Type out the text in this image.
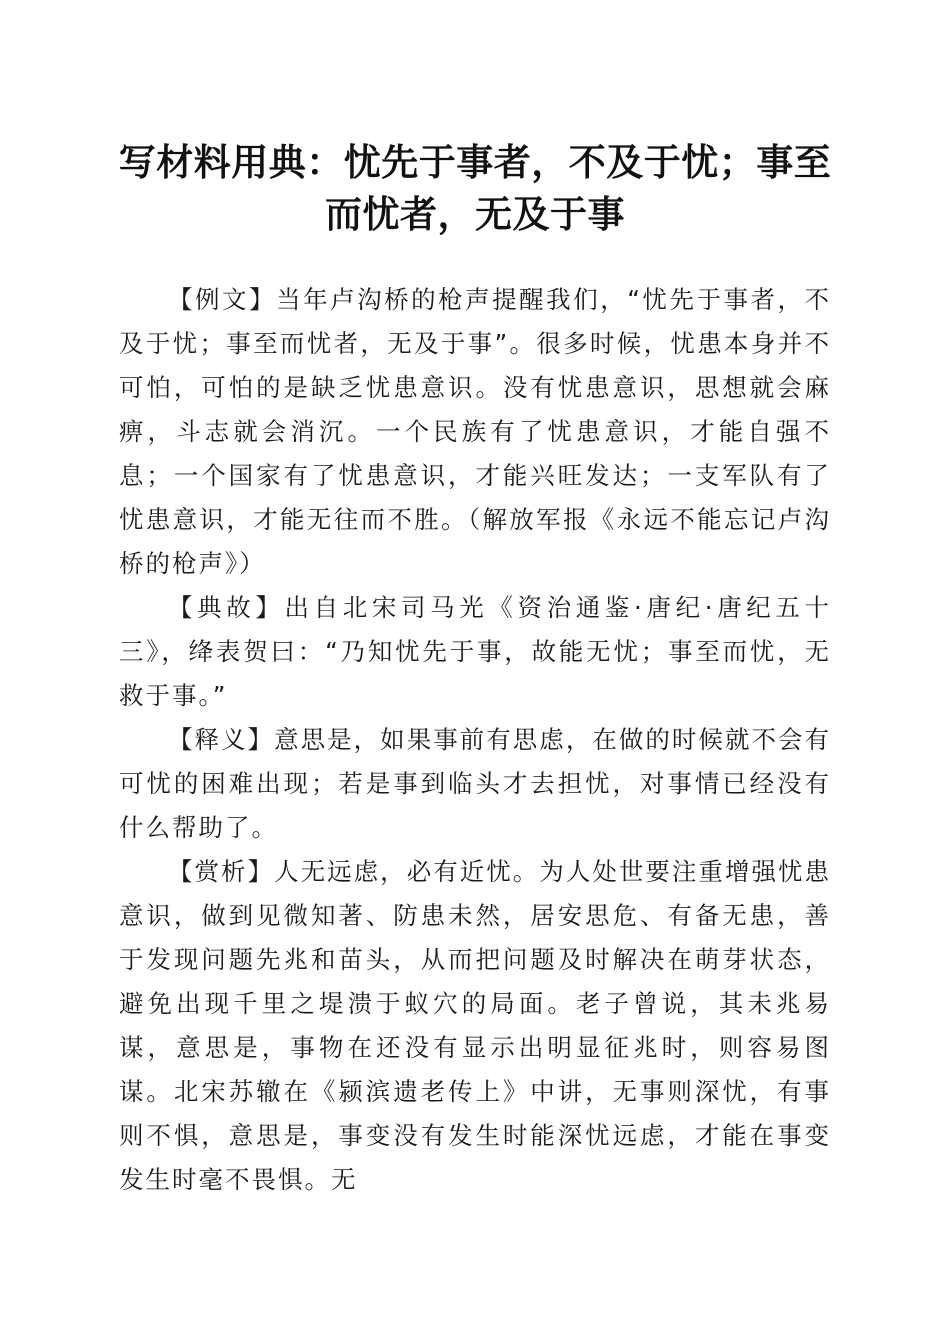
写材料用典：忧先于事者，不及于忧；事至而忧者，无及于事

【例文】当年卢沟桥的枪声提醒我们，“忧先于事者，不及于忧；事至而忧者，无及于事”。很多时候，忧患本身并不可怕，可怕的是缺乏忧患意识。没有忧患意识，思想就会麻痹，斗志就会消沉。一个民族有了忧患意识，才能自强不息；一个国家有了忧患意识，才能兴旺发达；一支军队有了忧患意识，才能无往而不胜。（解放军报《永远不能忘记卢沟桥的枪声》）

【典故】出自北宋司马光《资治通鉴·唐纪·唐纪五十三》，绛表贺曰：“乃知忧先于事，故能无忧；事至而忧，无救于事。”

【释义】意思是，如果事前有思虑，在做的时候就不会有可忧的困难出现；若是事到临头才去担忧，对事情已经没有什么帮助了。

【赏析】人无远虑，必有近忧。为人处世要注重增强忧患意识，做到见微知著、防患未然，居安思危、有备无患，善于发现问题先兆和苗头，从而把问题及时解决在萌芽状态，避免出现千里之堤溃于蚁穴的局面。老子曾说，其未兆易谋，意思是，事物在还没有显示出明显征兆时，则容易图谋。北宋苏辙在《颍滨遗老传上》中讲，无事则深忧，有事则不惧，意思是，事变没有发生时能深忧远虑，才能在事变发生时毫不畏惧。无
